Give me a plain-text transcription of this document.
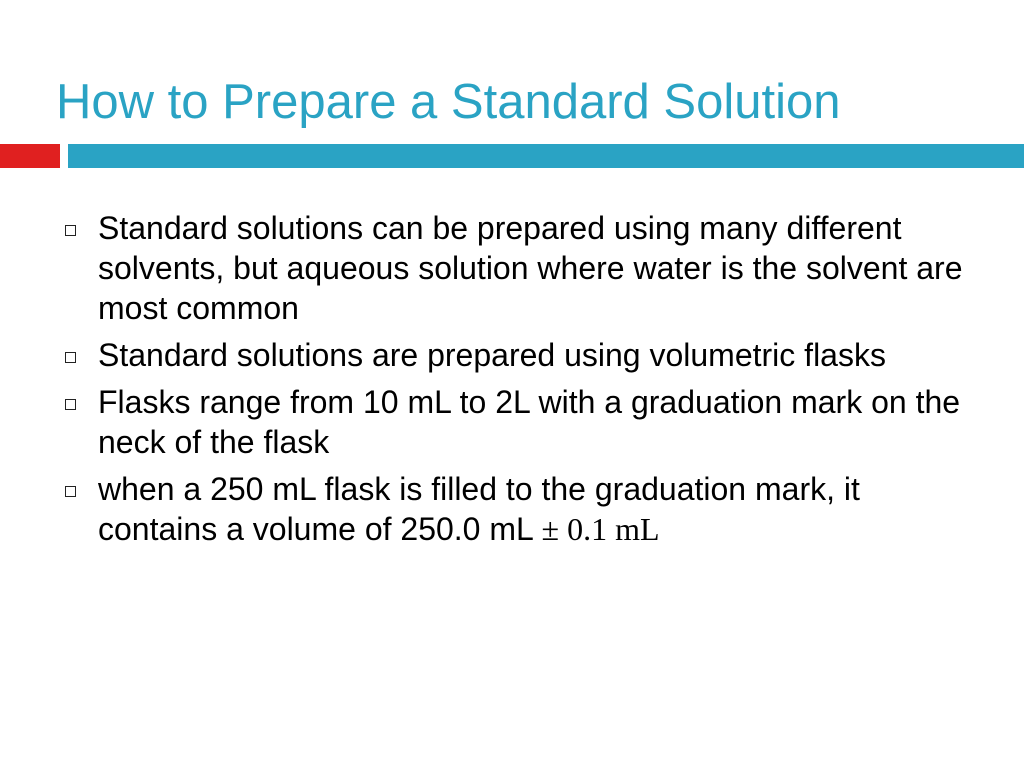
How to Prepare a Standard Solution
Standard solutions can be prepared using many different solvents, but aqueous solution where water is the solvent are most common
Standard solutions are prepared using volumetric flasks
Flasks range from 10 mL to 2L with a graduation mark on the neck of the flask
when a 250 mL flask is filled to the graduation mark, it contains a volume of 250.0 mL ± 0.1 mL
